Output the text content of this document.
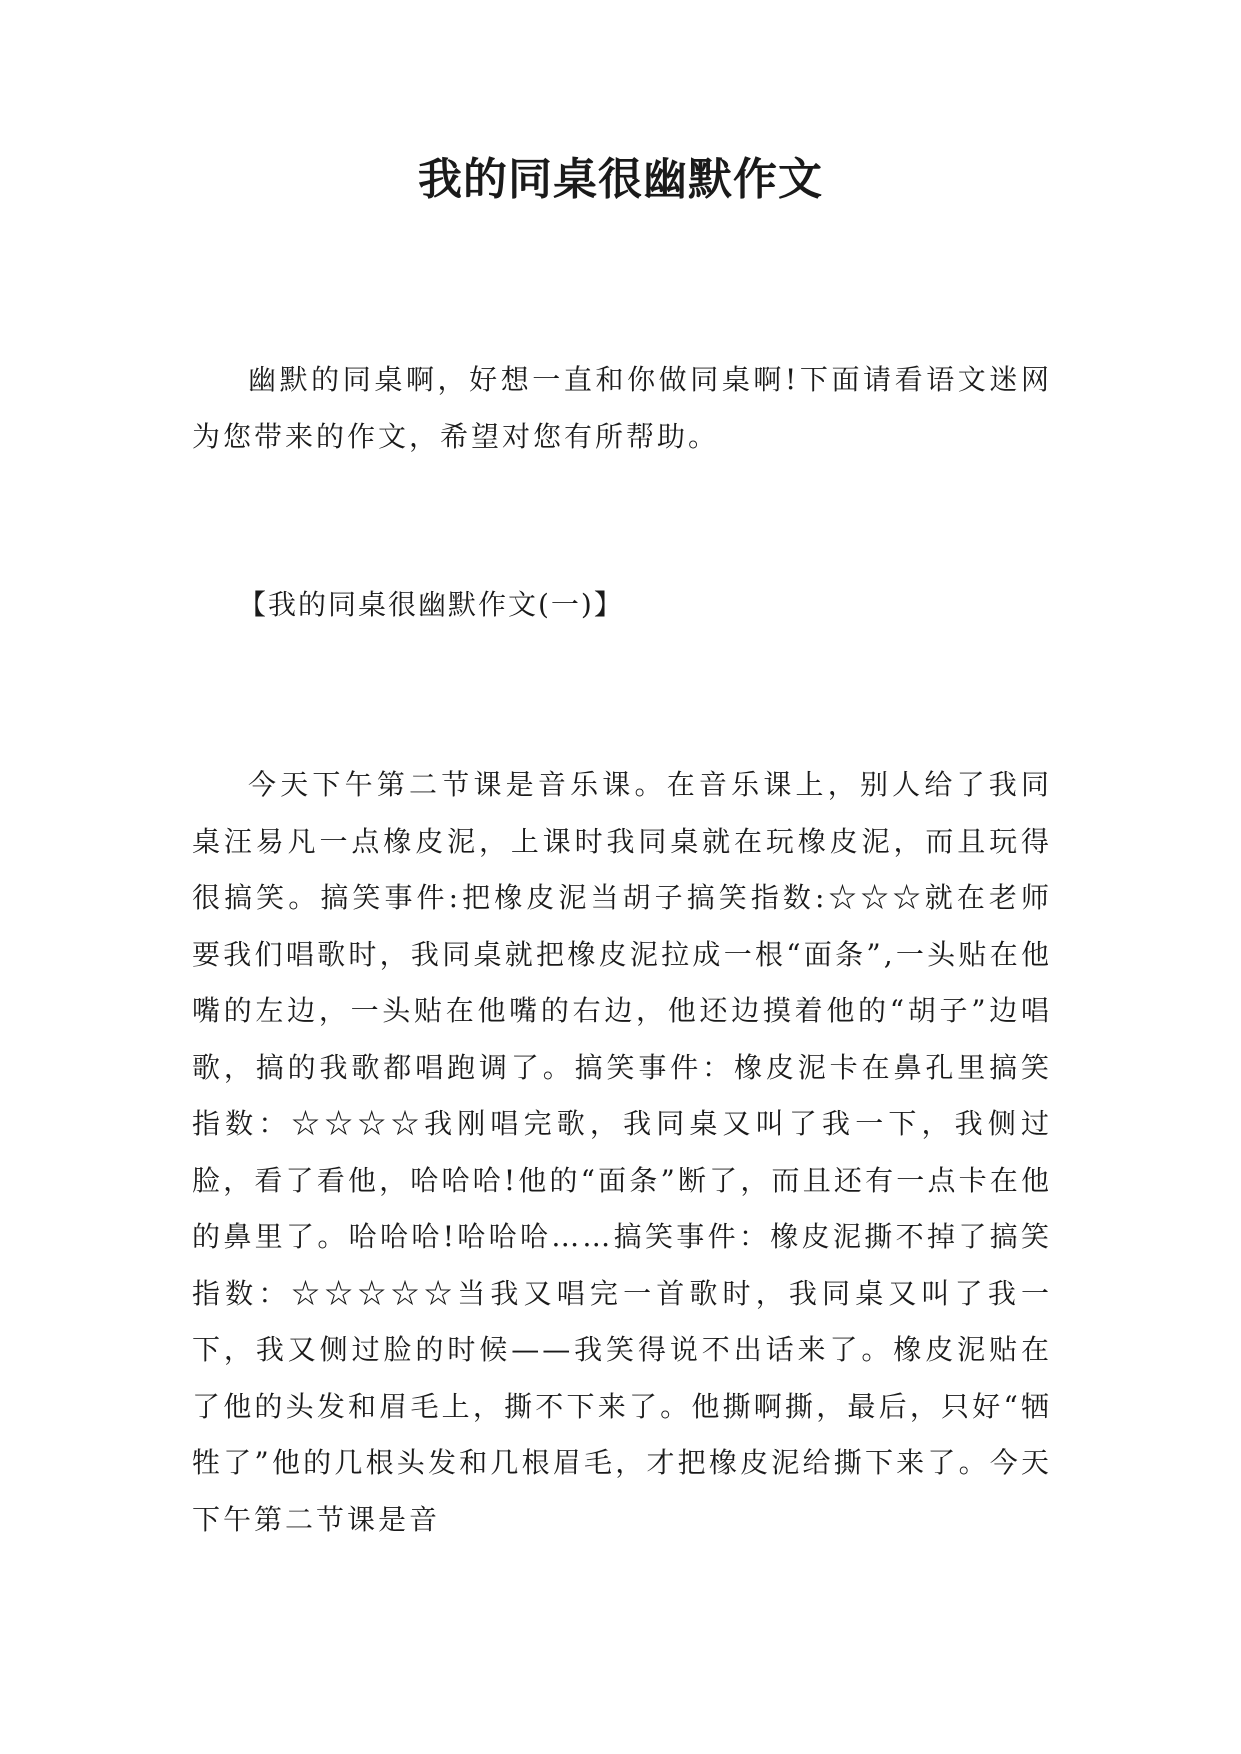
我的同桌很幽默作文

幽默的同桌啊，好想一直和你做同桌啊!下面请看语文迷网为您带来的作文，希望对您有所帮助。

【我的同桌很幽默作文(一)】

今天下午第二节课是音乐课。在音乐课上，别人给了我同桌汪易凡一点橡皮泥，上课时我同桌就在玩橡皮泥，而且玩得很搞笑。搞笑事件:把橡皮泥当胡子搞笑指数:☆☆☆就在老师要我们唱歌时，我同桌就把橡皮泥拉成一根“面条”,一头贴在他嘴的左边，一头贴在他嘴的右边，他还边摸着他的“胡子”边唱歌，搞的我歌都唱跑调了。搞笑事件：橡皮泥卡在鼻孔里搞笑指数：☆☆☆☆我刚唱完歌，我同桌又叫了我一下，我侧过脸，看了看他，哈哈哈!他的“面条”断了，而且还有一点卡在他的鼻里了。哈哈哈!哈哈哈……搞笑事件：橡皮泥撕不掉了搞笑指数：☆☆☆☆☆当我又唱完一首歌时，我同桌又叫了我一下，我又侧过脸的时候——我笑得说不出话来了。橡皮泥贴在了他的头发和眉毛上，撕不下来了。他撕啊撕，最后，只好“牺牲了”他的几根头发和几根眉毛，才把橡皮泥给撕下来了。今天下午第二节课是音
